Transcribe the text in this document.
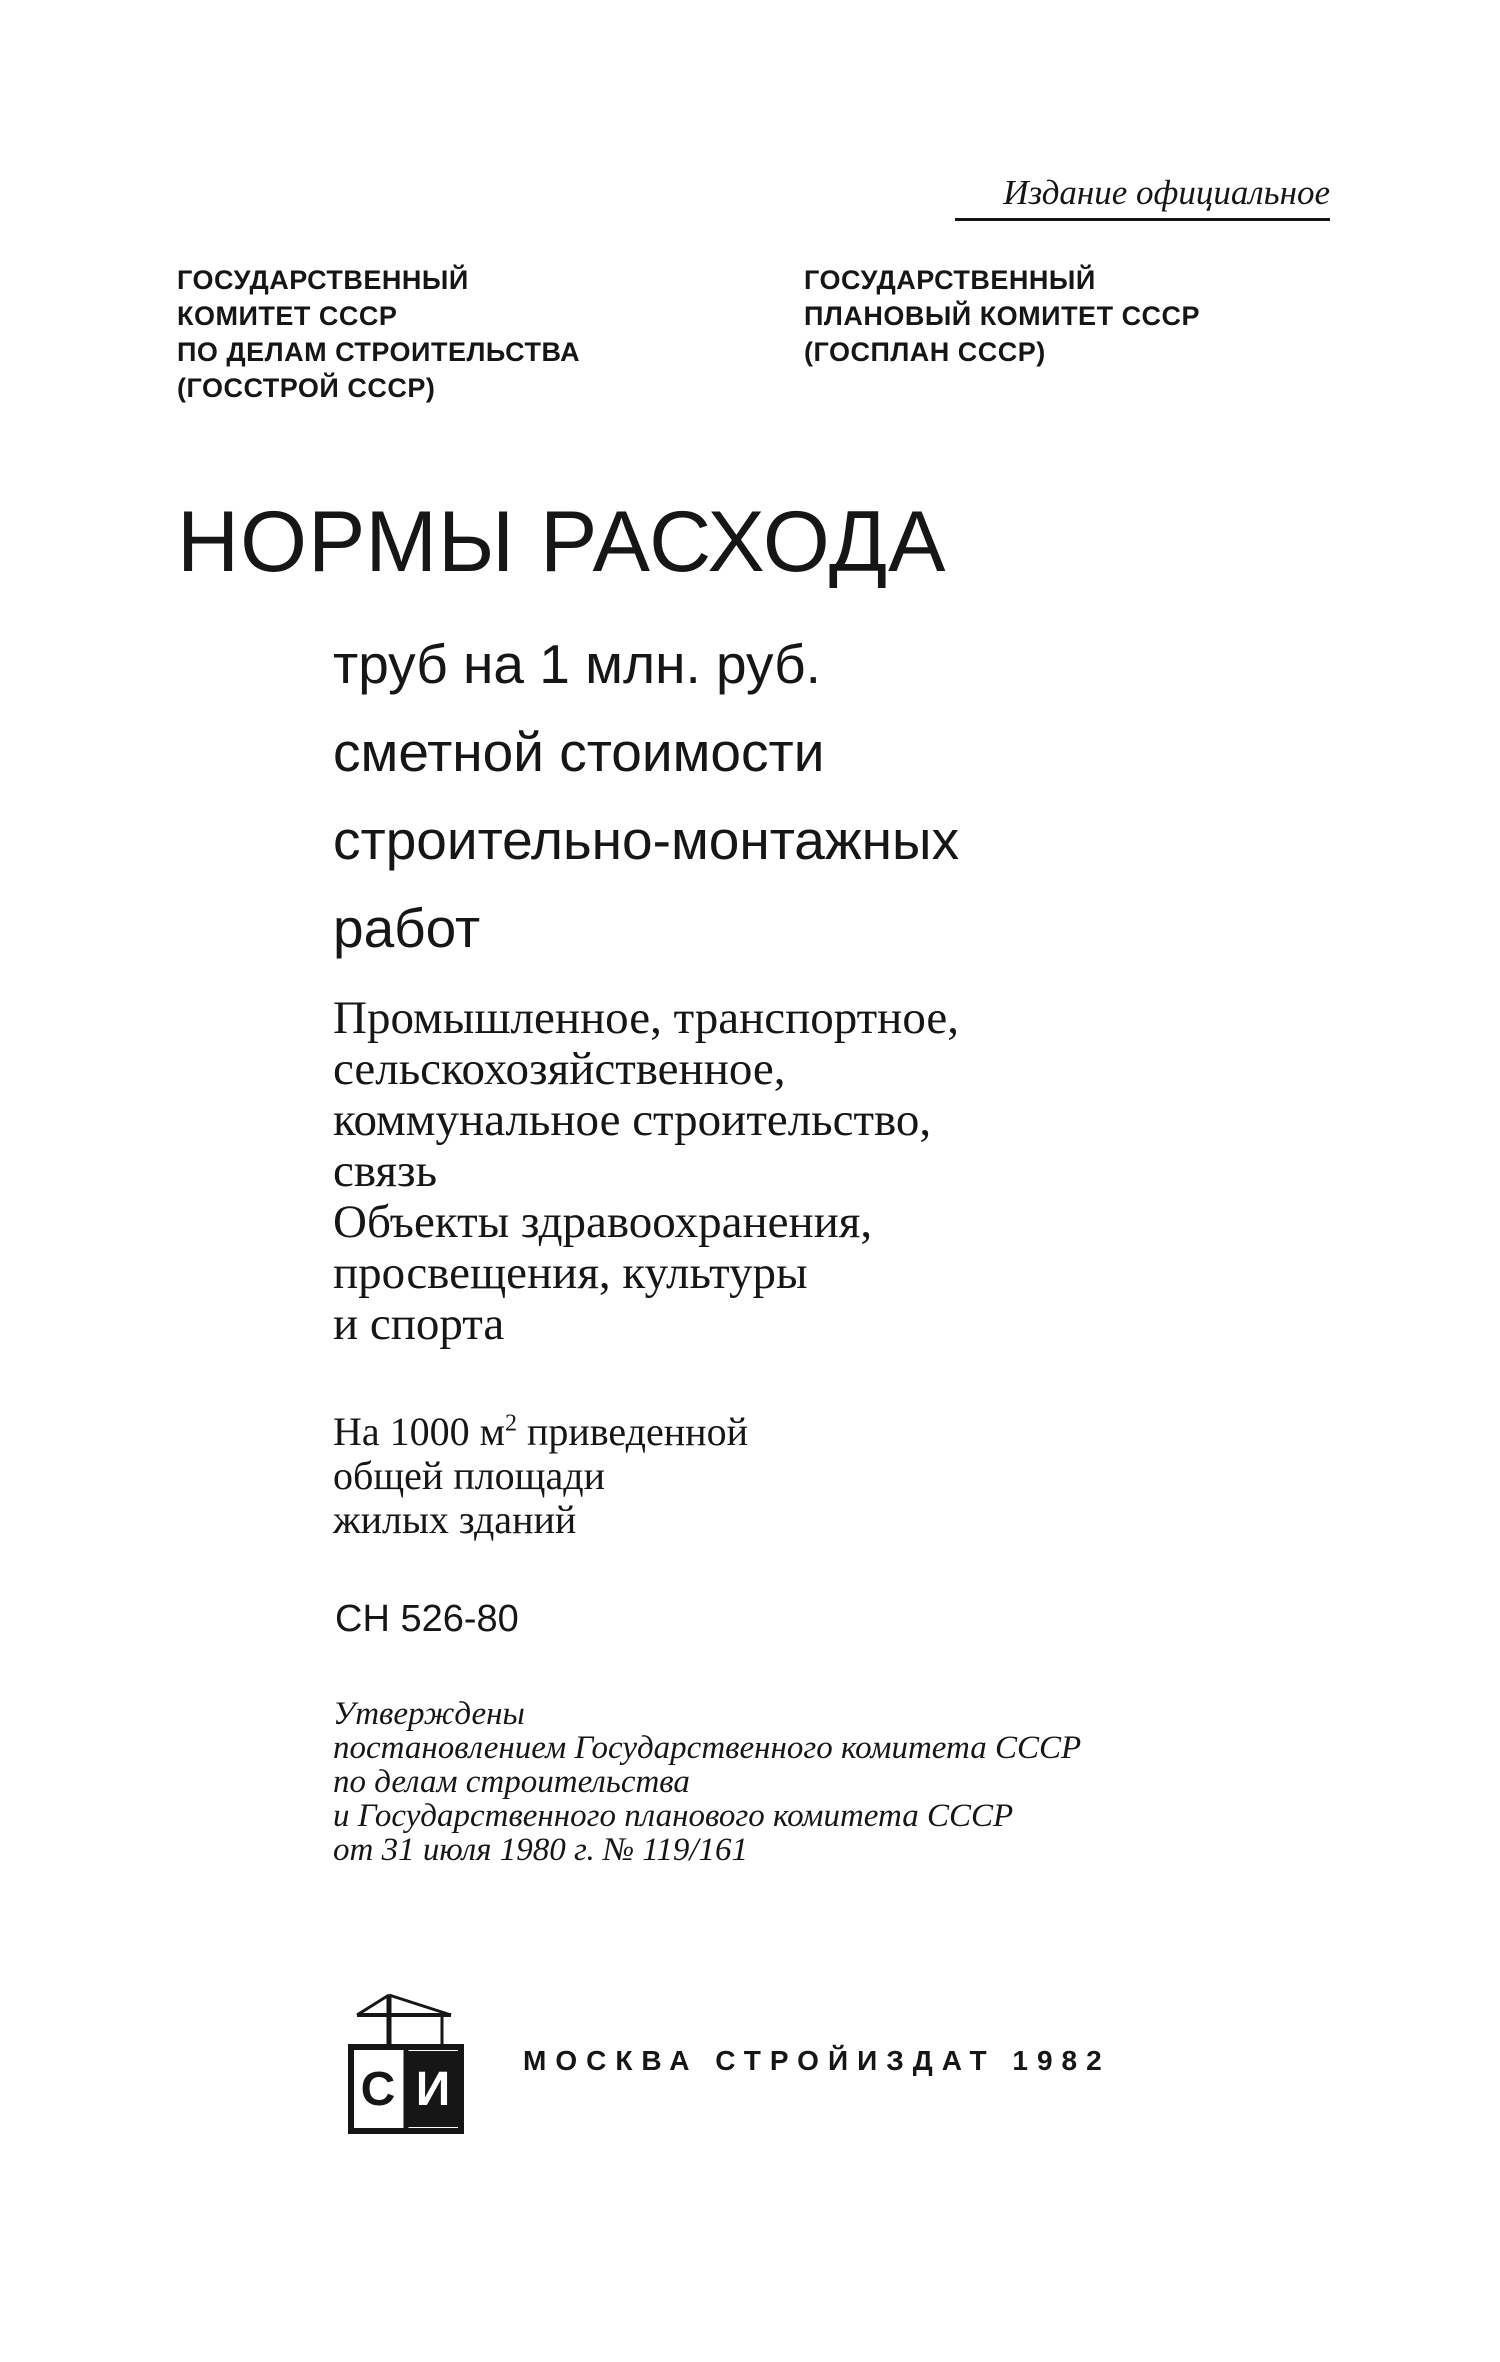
Издание официальное
ГОСУДАРСТВЕННЫЙ
КОМИТЕТ СССР
ПО ДЕЛАМ СТРОИТЕЛЬСТВА
(ГОССТРОЙ СССР)
ГОСУДАРСТВЕННЫЙ
ПЛАНОВЫЙ КОМИТЕТ СССР
(ГОСПЛАН СССР)
НОРМЫ РАСХОДА
труб на 1 млн. руб.
сметной стоимости
строительно-монтажных
работ
Промышленное, транспортное,
сельскохозяйственное,
коммунальное строительство,
связь
Объекты здравоохранения,
просвещения, культуры
и спорта
На 1000 $м^2$ приведенной
общей площади
жилых зданий
СН 526-80
Утверждены
постановлением Государственного комитета СССР
по делам строительства
и Государственного планового комитета СССР
от 31 июля 1980 г. № 119/161
С И
МОСКВА СТРОЙИЗДАТ 1982
